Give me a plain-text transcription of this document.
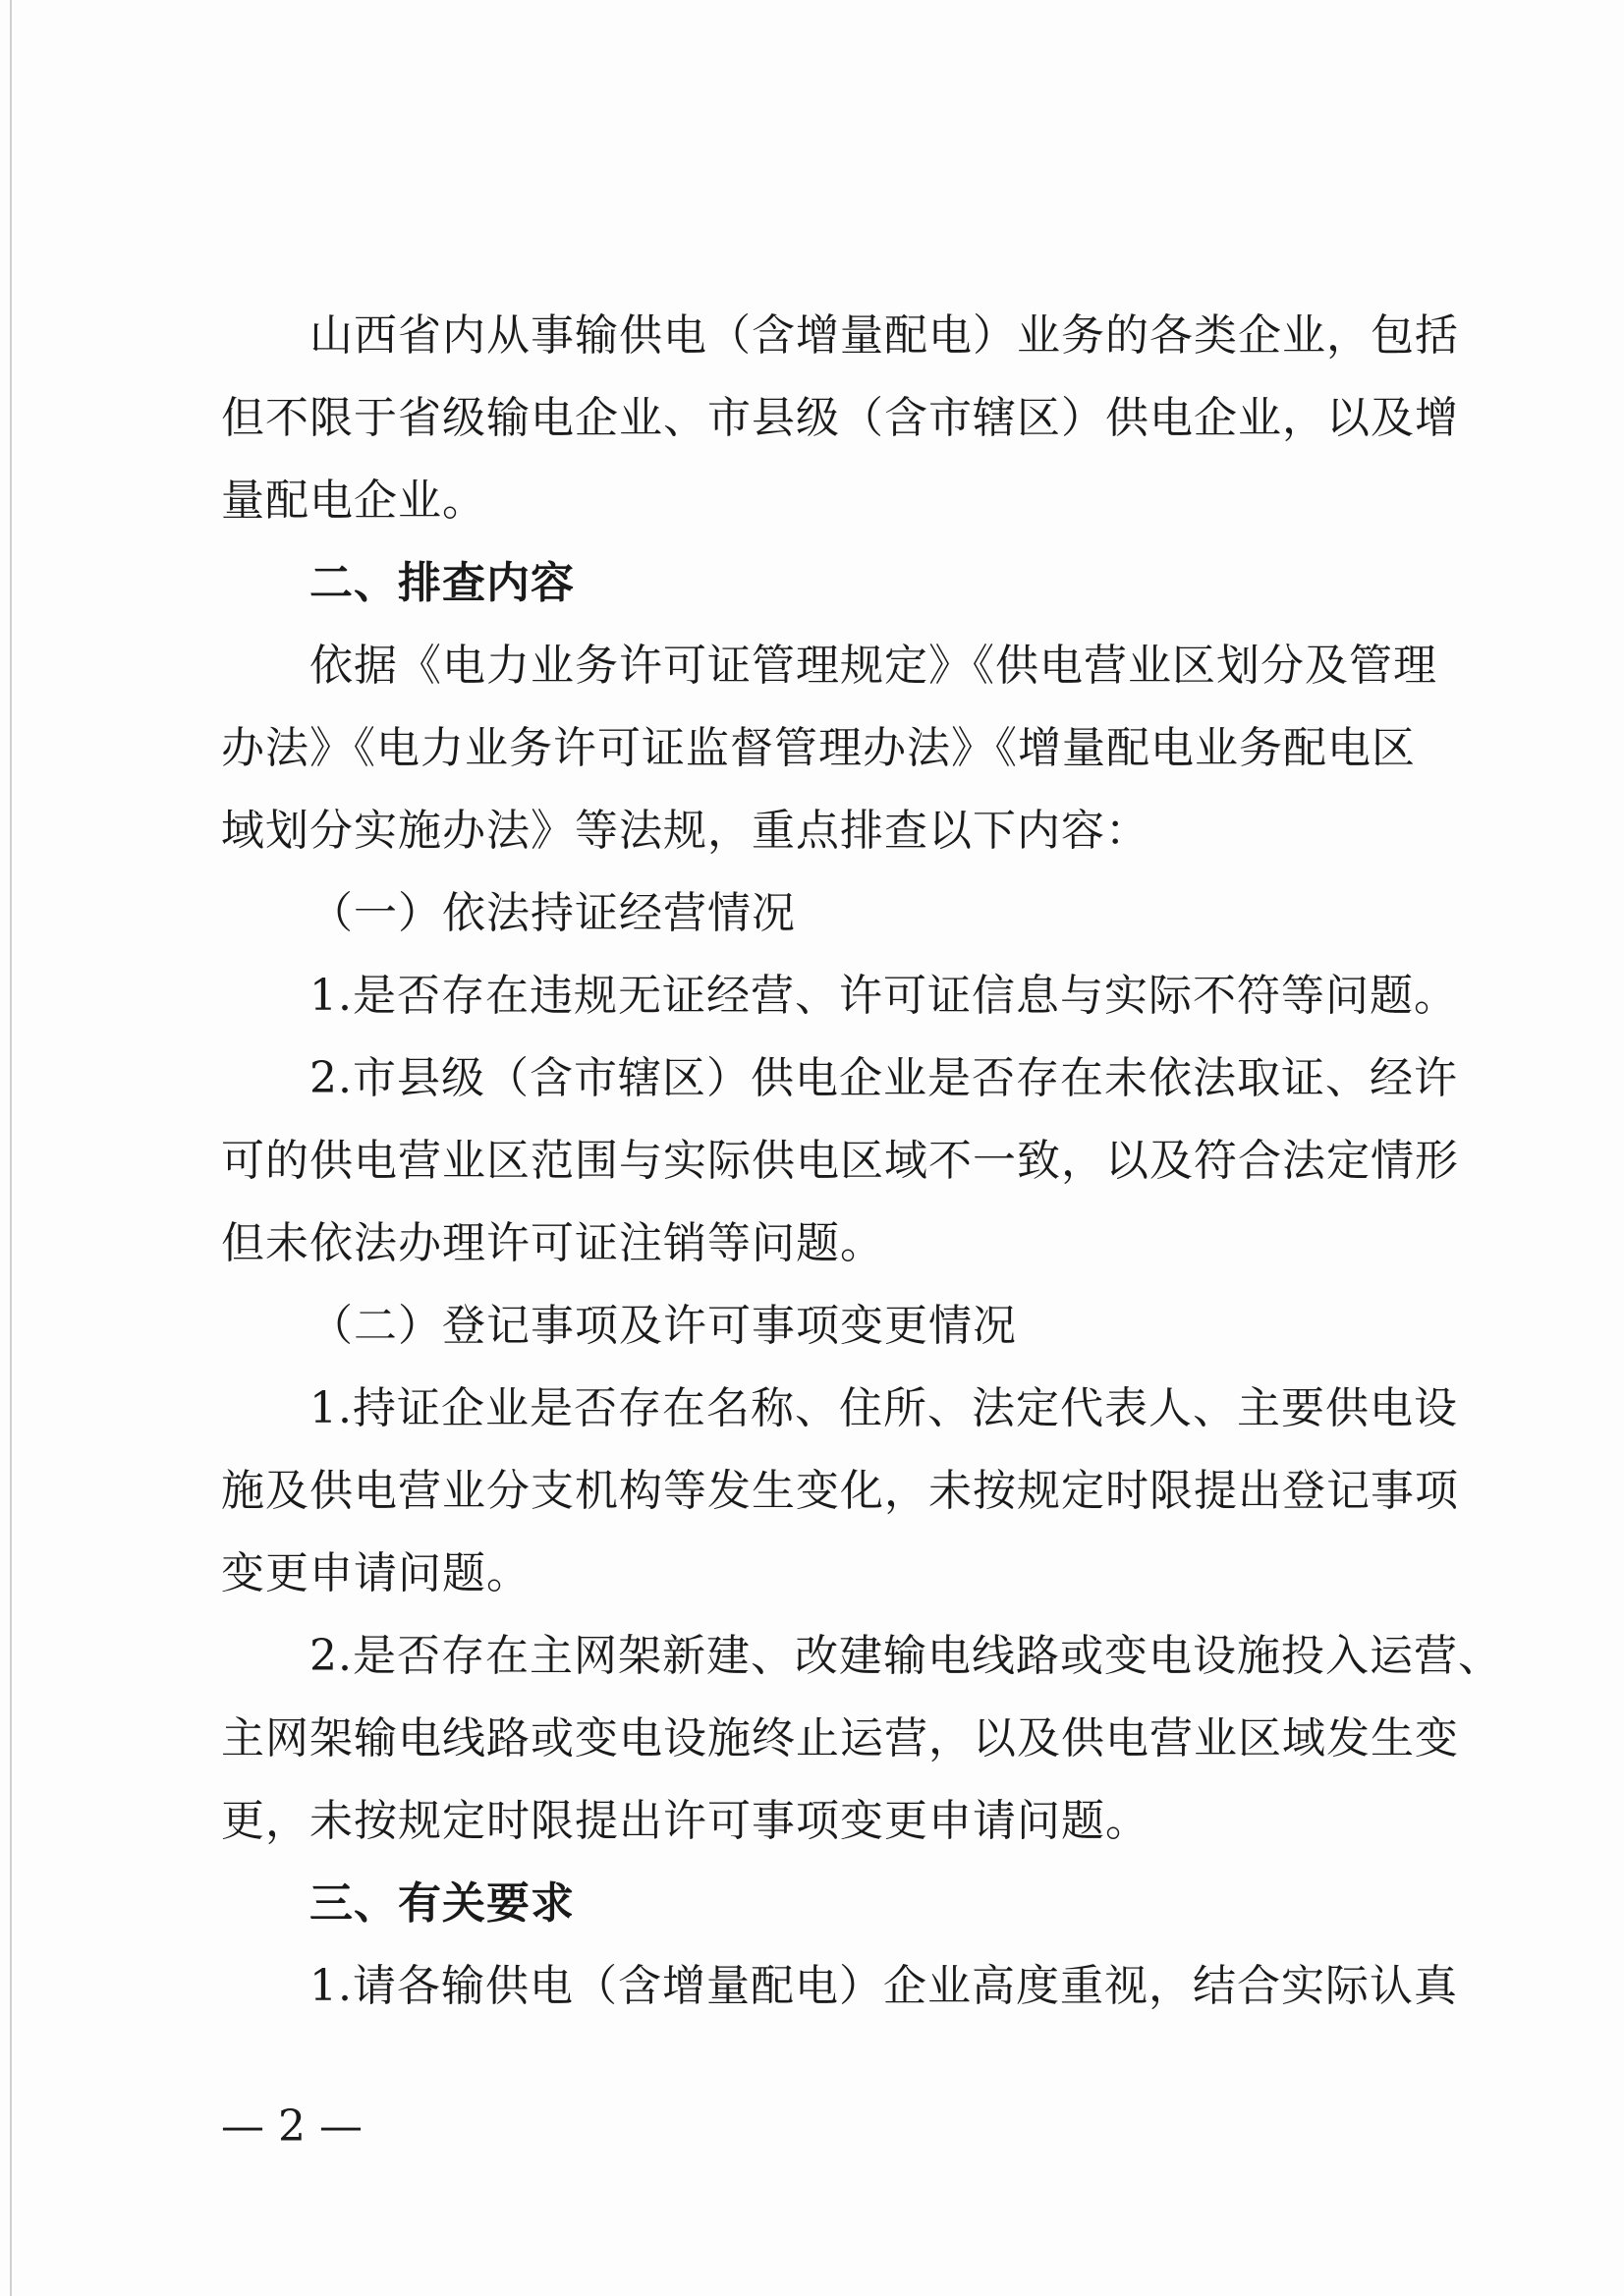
山西省内从事输供电（含增量配电）业务的各类企业，包括
但不限于省级输电企业、市县级（含市辖区）供电企业，以及增
量配电企业。
二、排查内容
依据《电力业务许可证管理规定》《供电营业区划分及管理
办法》《电力业务许可证监督管理办法》《增量配电业务配电区
域划分实施办法》等法规，重点排查以下内容：
（一）依法持证经营情况
1.是否存在违规无证经营、许可证信息与实际不符等问题。
2.市县级（含市辖区）供电企业是否存在未依法取证、经许
可的供电营业区范围与实际供电区域不一致，以及符合法定情形
但未依法办理许可证注销等问题。
（二）登记事项及许可事项变更情况
1.持证企业是否存在名称、住所、法定代表人、主要供电设
施及供电营业分支机构等发生变化，未按规定时限提出登记事项
变更申请问题。
2.是否存在主网架新建、改建输电线路或变电设施投入运营、
主网架输电线路或变电设施终止运营，以及供电营业区域发生变
更，未按规定时限提出许可事项变更申请问题。
三、有关要求
1.请各输供电（含增量配电）企业高度重视，结合实际认真
— 2 —
